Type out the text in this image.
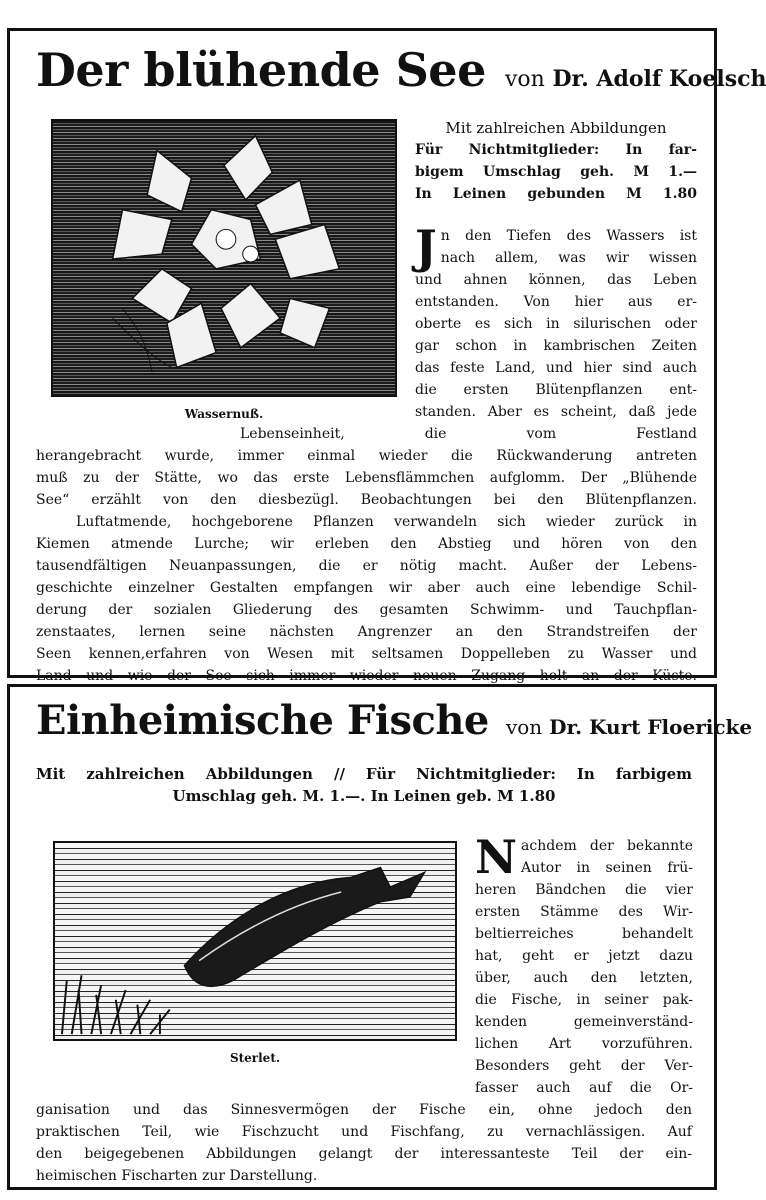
Der blühende See von Dr. Adolf Koelsch
Wassernuß.
Mit zahlreichen Abbildungen
Für Nichtmitglieder: In far-
bigem Umschlag geh. M 1.—
In Leinen gebunden M 1.80
J n den Tiefen des Wassers ist
nach allem, was wir wissen
und ahnen können, das Leben
entstanden. Von hier aus er-
oberte es sich in silurischen oder
gar schon in kambrischen Zeiten
das feste Land, und hier sind auch
die ersten Blütenpflanzen ent-
standen. Aber es scheint, daß jede
Lebenseinheit, die vom Festland
herangebracht wurde, immer einmal wieder die Rückwanderung antreten
muß zu der Stätte, wo das erste Lebensflämmchen aufglomm. Der „Blühende
See“ erzählt von den diesbezügl. Beobachtungen bei den Blütenpflanzen.
Luftatmende, hochgeborene Pflanzen verwandeln sich wieder zurück in
Kiemen atmende Lurche; wir erleben den Abstieg und hören von den
tausendfältigen Neuanpassungen, die er nötig macht. Außer der Lebens-
geschichte einzelner Gestalten empfangen wir aber auch eine lebendige Schil-
derung der sozialen Gliederung des gesamten Schwimm- und Tauchpflan-
zenstaates, lernen seine nächsten Angrenzer an den Strandstreifen der
Seen kennen,erfahren von Wesen mit seltsamen Doppelleben zu Wasser und
Land und wie der See sich immer wieder neuen Zugang holt an der Küste.
Einheimische Fische von Dr. Kurt Floericke
Mit zahlreichen Abbildungen // Für Nichtmitglieder: In farbigem
Umschlag geh. M. 1.—. In Leinen geb. M 1.80
Sterlet.
N achdem der bekannte
Autor in seinen frü-
heren Bändchen die vier
ersten Stämme des Wir-
beltierreiches behandelt
hat, geht er jetzt dazu
über, auch den letzten,
die Fische, in seiner pak-
kenden gemeinverständ-
lichen Art vorzuführen.
Besonders geht der Ver-
fasser auch auf die Or-
ganisation und das Sinnesvermögen der Fische ein, ohne jedoch den
praktischen Teil, wie Fischzucht und Fischfang, zu vernachlässigen. Auf
den beigegebenen Abbildungen gelangt der interessanteste Teil der ein-
heimischen Fischarten zur Darstellung.
